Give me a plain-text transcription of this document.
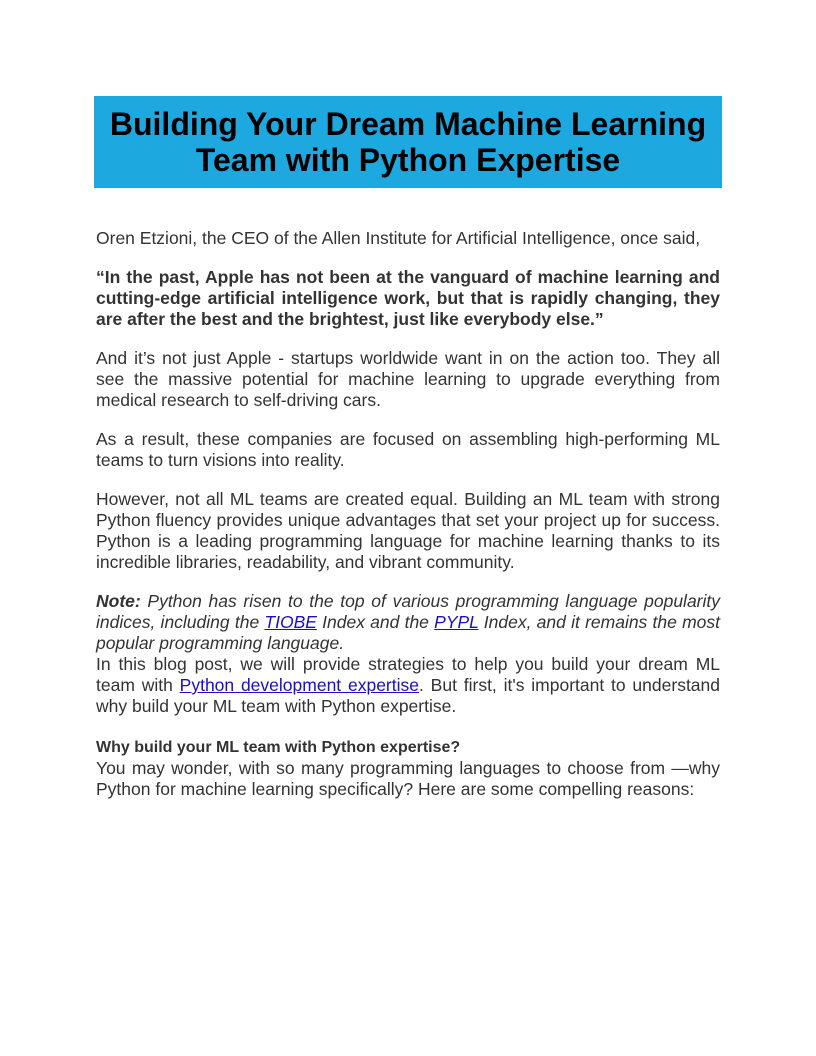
Building Your Dream Machine Learning
Team with Python Expertise

Oren Etzioni, the CEO of the Allen Institute for Artificial Intelligence, once said,

“In the past, Apple has not been at the vanguard of machine learning and cutting-edge artificial intelligence work, but that is rapidly changing, they are after the best and the brightest, just like everybody else.”

And it’s not just Apple - startups worldwide want in on the action too. They all see the massive potential for machine learning to upgrade everything from medical research to self-driving cars.

As a result, these companies are focused on assembling high-performing ML teams to turn visions into reality.

However, not all ML teams are created equal. Building an ML team with strong Python fluency provides unique advantages that set your project up for success. Python is a leading programming language for machine learning thanks to its incredible libraries, readability, and vibrant community.

Note: Python has risen to the top of various programming language popularity indices, including the TIOBE Index and the PYPL Index, and it remains the most popular programming language.

In this blog post, we will provide strategies to help you build your dream ML team with Python development expertise. But first, it's important to understand why build your ML team with Python expertise.

Why build your ML team with Python expertise?

You may wonder, with so many programming languages to choose from —why Python for machine learning specifically? Here are some compelling reasons:
